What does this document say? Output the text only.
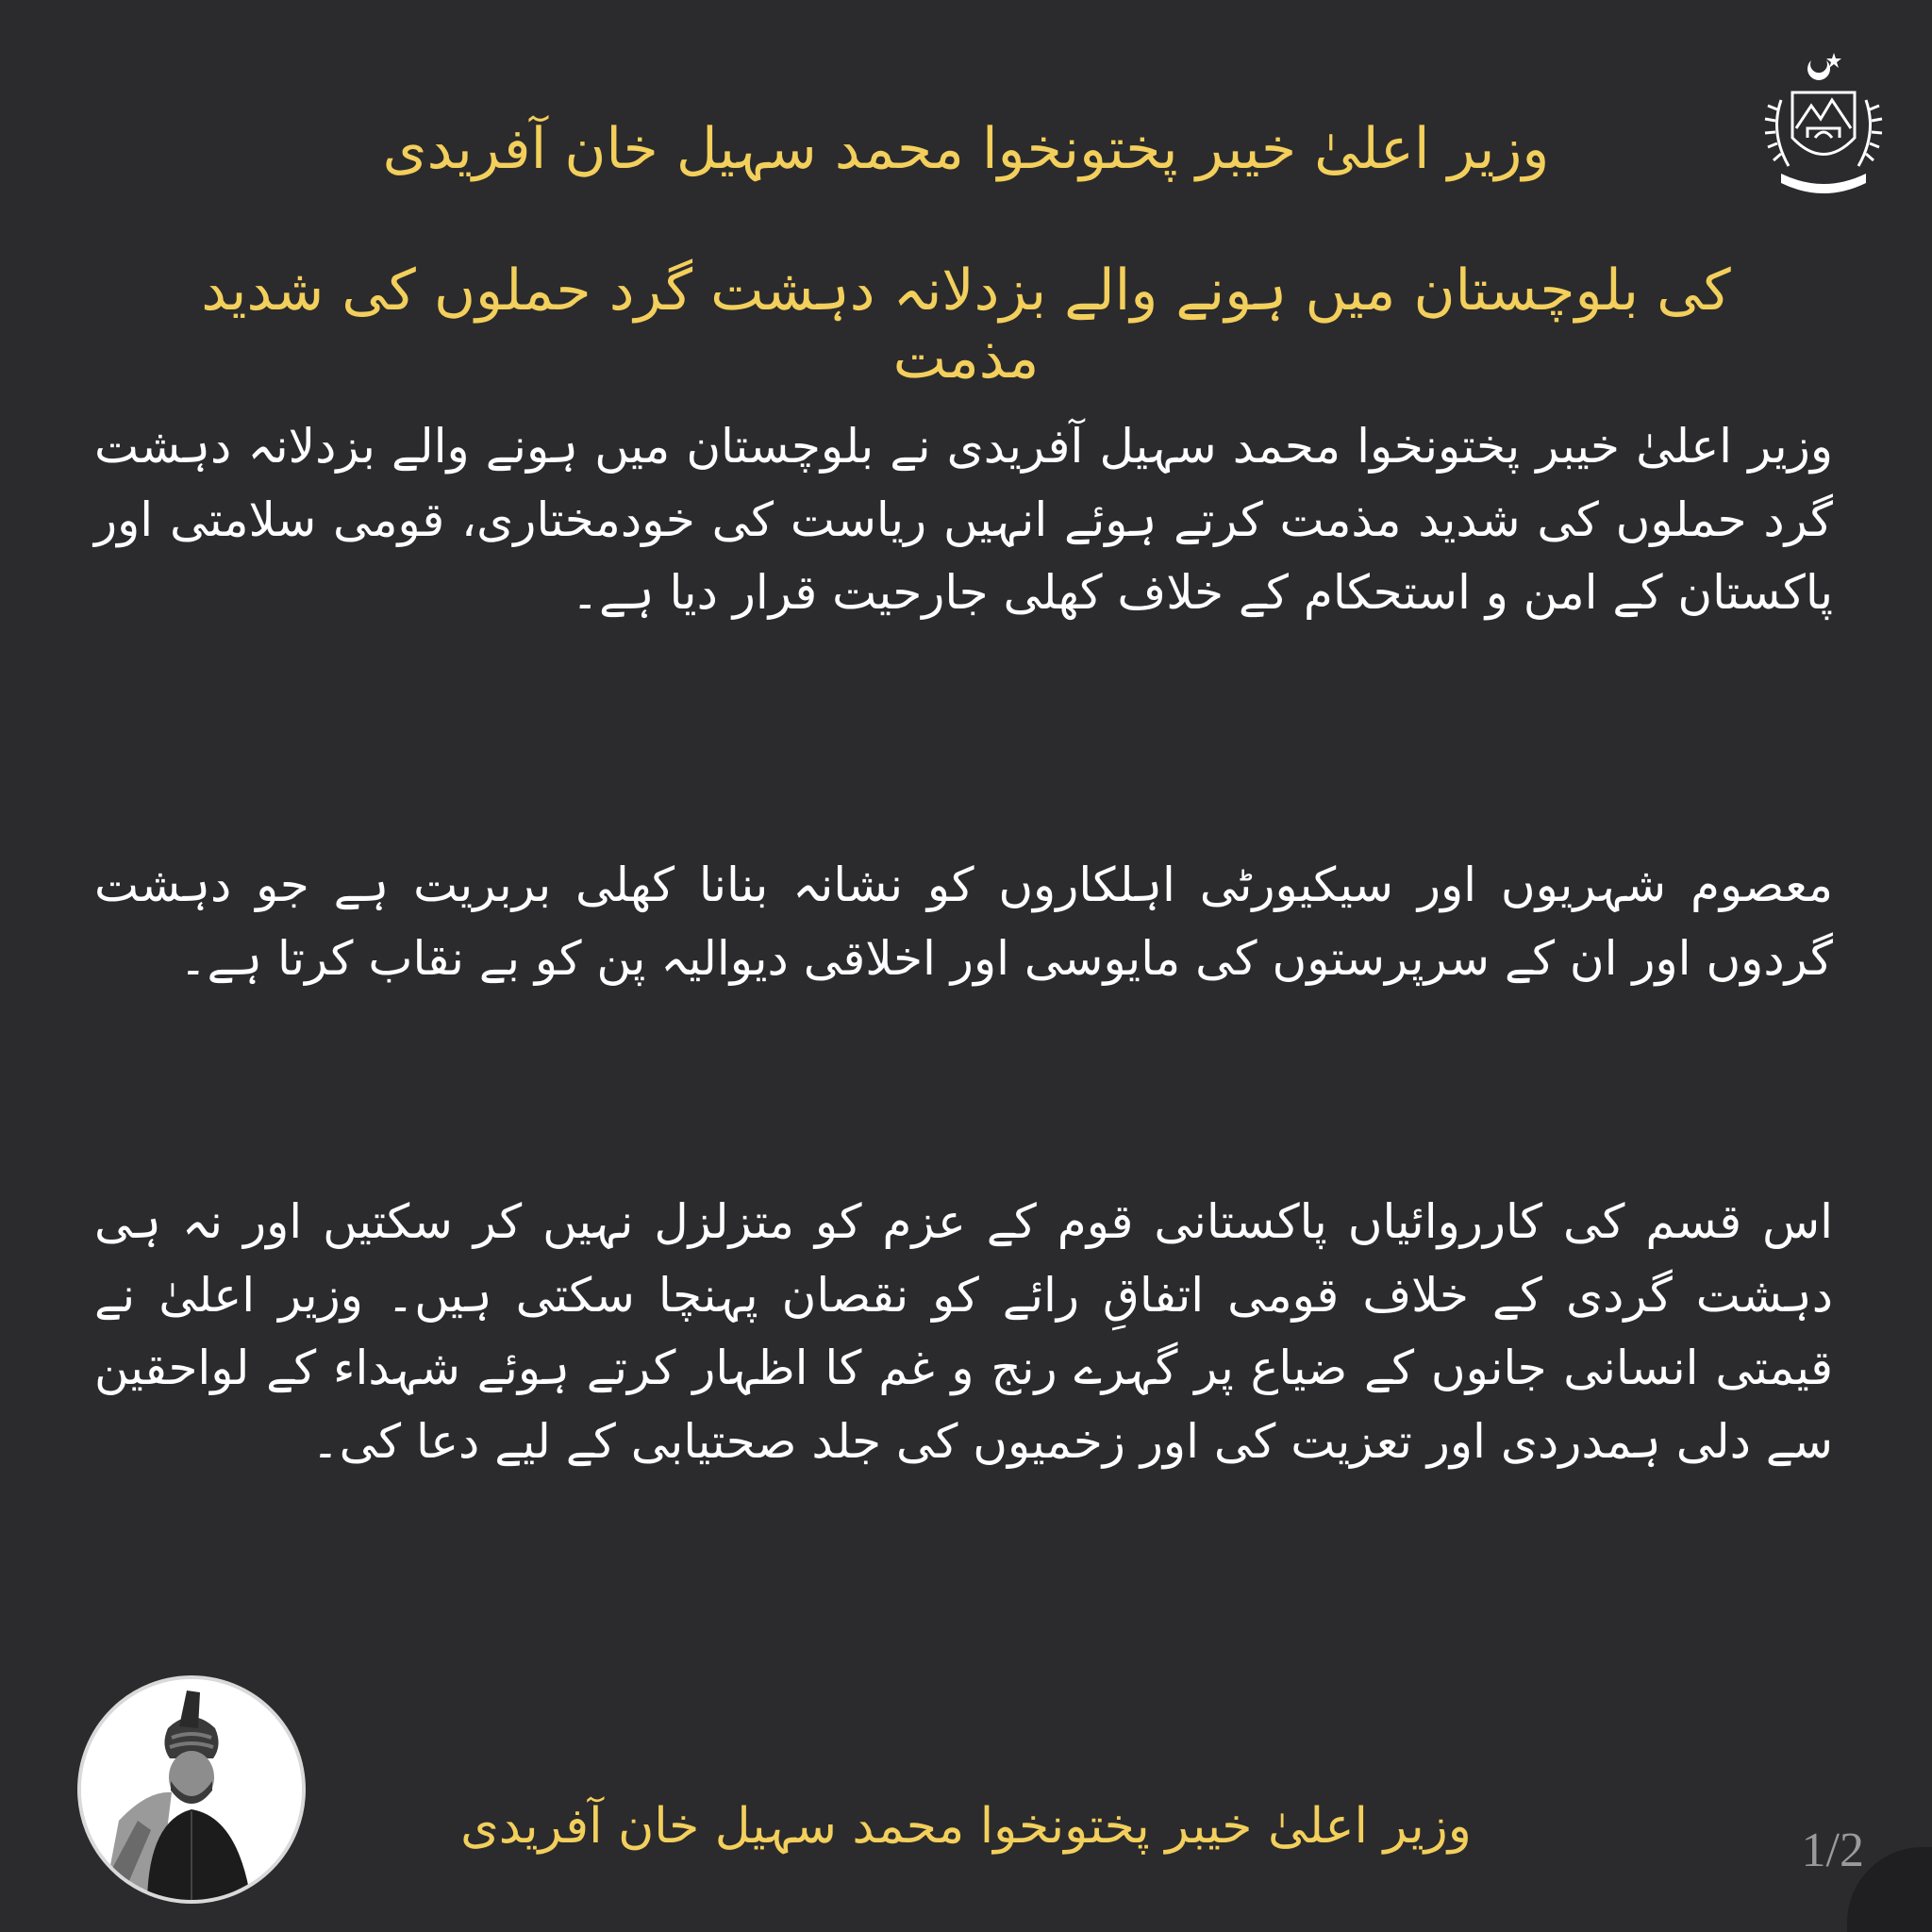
وزیر اعلیٰ خیبر پختونخوا محمد سہیل خان آفریدی
کی بلوچستان میں ہونے والے بزدلانہ دہشت گرد حملوں کی شدید مذمت
وزیر اعلیٰ خیبر پختونخوا محمد سہیل آفریدی نے بلوچستان میں ہونے والے بزدلانہ دہشت گرد حملوں کی شدید مذمت کرتے ہوئے انہیں ریاست کی خودمختاری، قومی سلامتی اور پاکستان کے امن و استحکام کے خلاف کھلی جارحیت قرار دیا ہے۔
معصوم شہریوں اور سیکیورٹی اہلکاروں کو نشانہ بنانا کھلی بربریت ہے جو دہشت گردوں اور ان کے سرپرستوں کی مایوسی اور اخلاقی دیوالیہ پن کو بے نقاب کرتا ہے۔
اس قسم کی کارروائیاں پاکستانی قوم کے عزم کو متزلزل نہیں کر سکتیں اور نہ ہی دہشت گردی کے خلاف قومی اتفاقِ رائے کو نقصان پہنچا سکتی ہیں۔ وزیر اعلیٰ نے قیمتی انسانی جانوں کے ضیاع پر گہرے رنج و غم کا اظہار کرتے ہوئے شہداء کے لواحقین سے دلی ہمدردی اور تعزیت کی اور زخمیوں کی جلد صحتیابی کے لیے دعا کی۔
وزیر اعلیٰ خیبر پختونخوا محمد سہیل خان آفریدی	1/2
